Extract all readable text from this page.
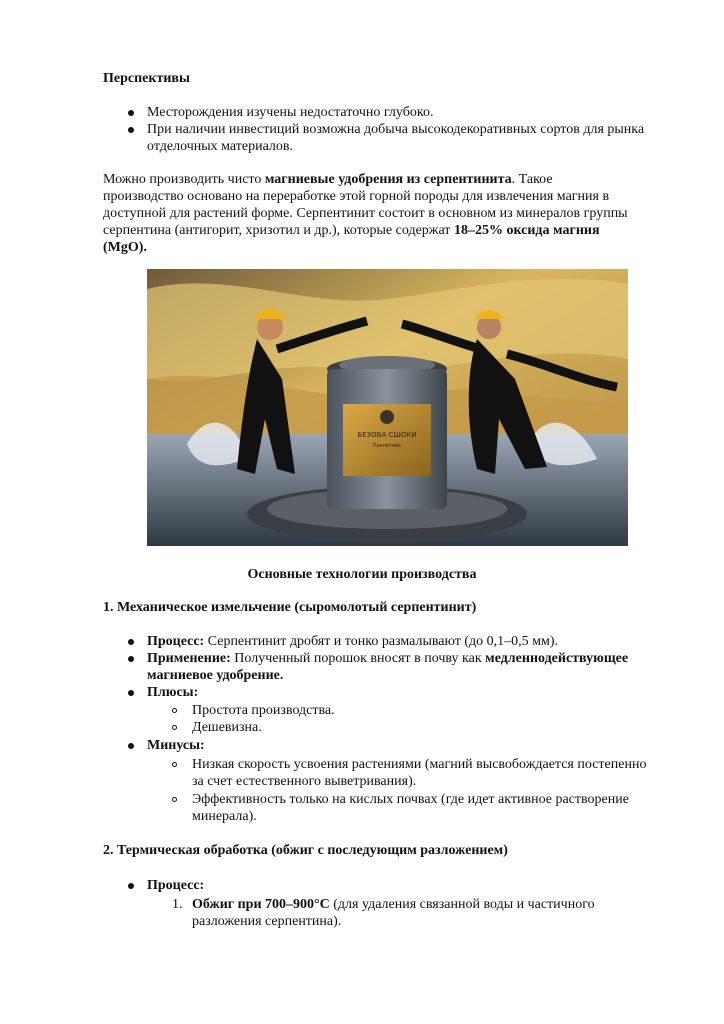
Перспективы

Месторождения изучены недостаточно глубоко.

При наличии инвестиций возможна добыча высокодекоративных сортов для рынка

отделочных материалов.

Можно производить чисто магниевые удобрения из серпентинита. Такое

производство основано на переработке этой горной породы для извлечения магния в

доступной для растений форме. Серпентинит состоит в основном из минералов группы

серпентина (антигорит, хризотил и др.), которые содержат 18–25% оксида магния

(MgO).

БЕЗОВА СШОКИ
Пакпитейс

Основные технологии производства

1. Механическое измельчение (сыромолотый серпентинит)

Процесс: Серпентинит дробят и тонко размалывают (до 0,1–0,5 мм).

Применение: Полученный порошок вносят в почву как медленнодействующее

магниевое удобрение.

Плюсы:

Простота производства.

Дешевизна.

Минусы:

Низкая скорость усвоения растениями (магний высвобождается постепенно

за счет естественного выветривания).

Эффективность только на кислых почвах (где идет активное растворение

минерала).

2. Термическая обработка (обжиг с последующим разложением)

Процесс:

1. Обжиг при 700–900°С (для удаления связанной воды и частичного

разложения серпентина).
